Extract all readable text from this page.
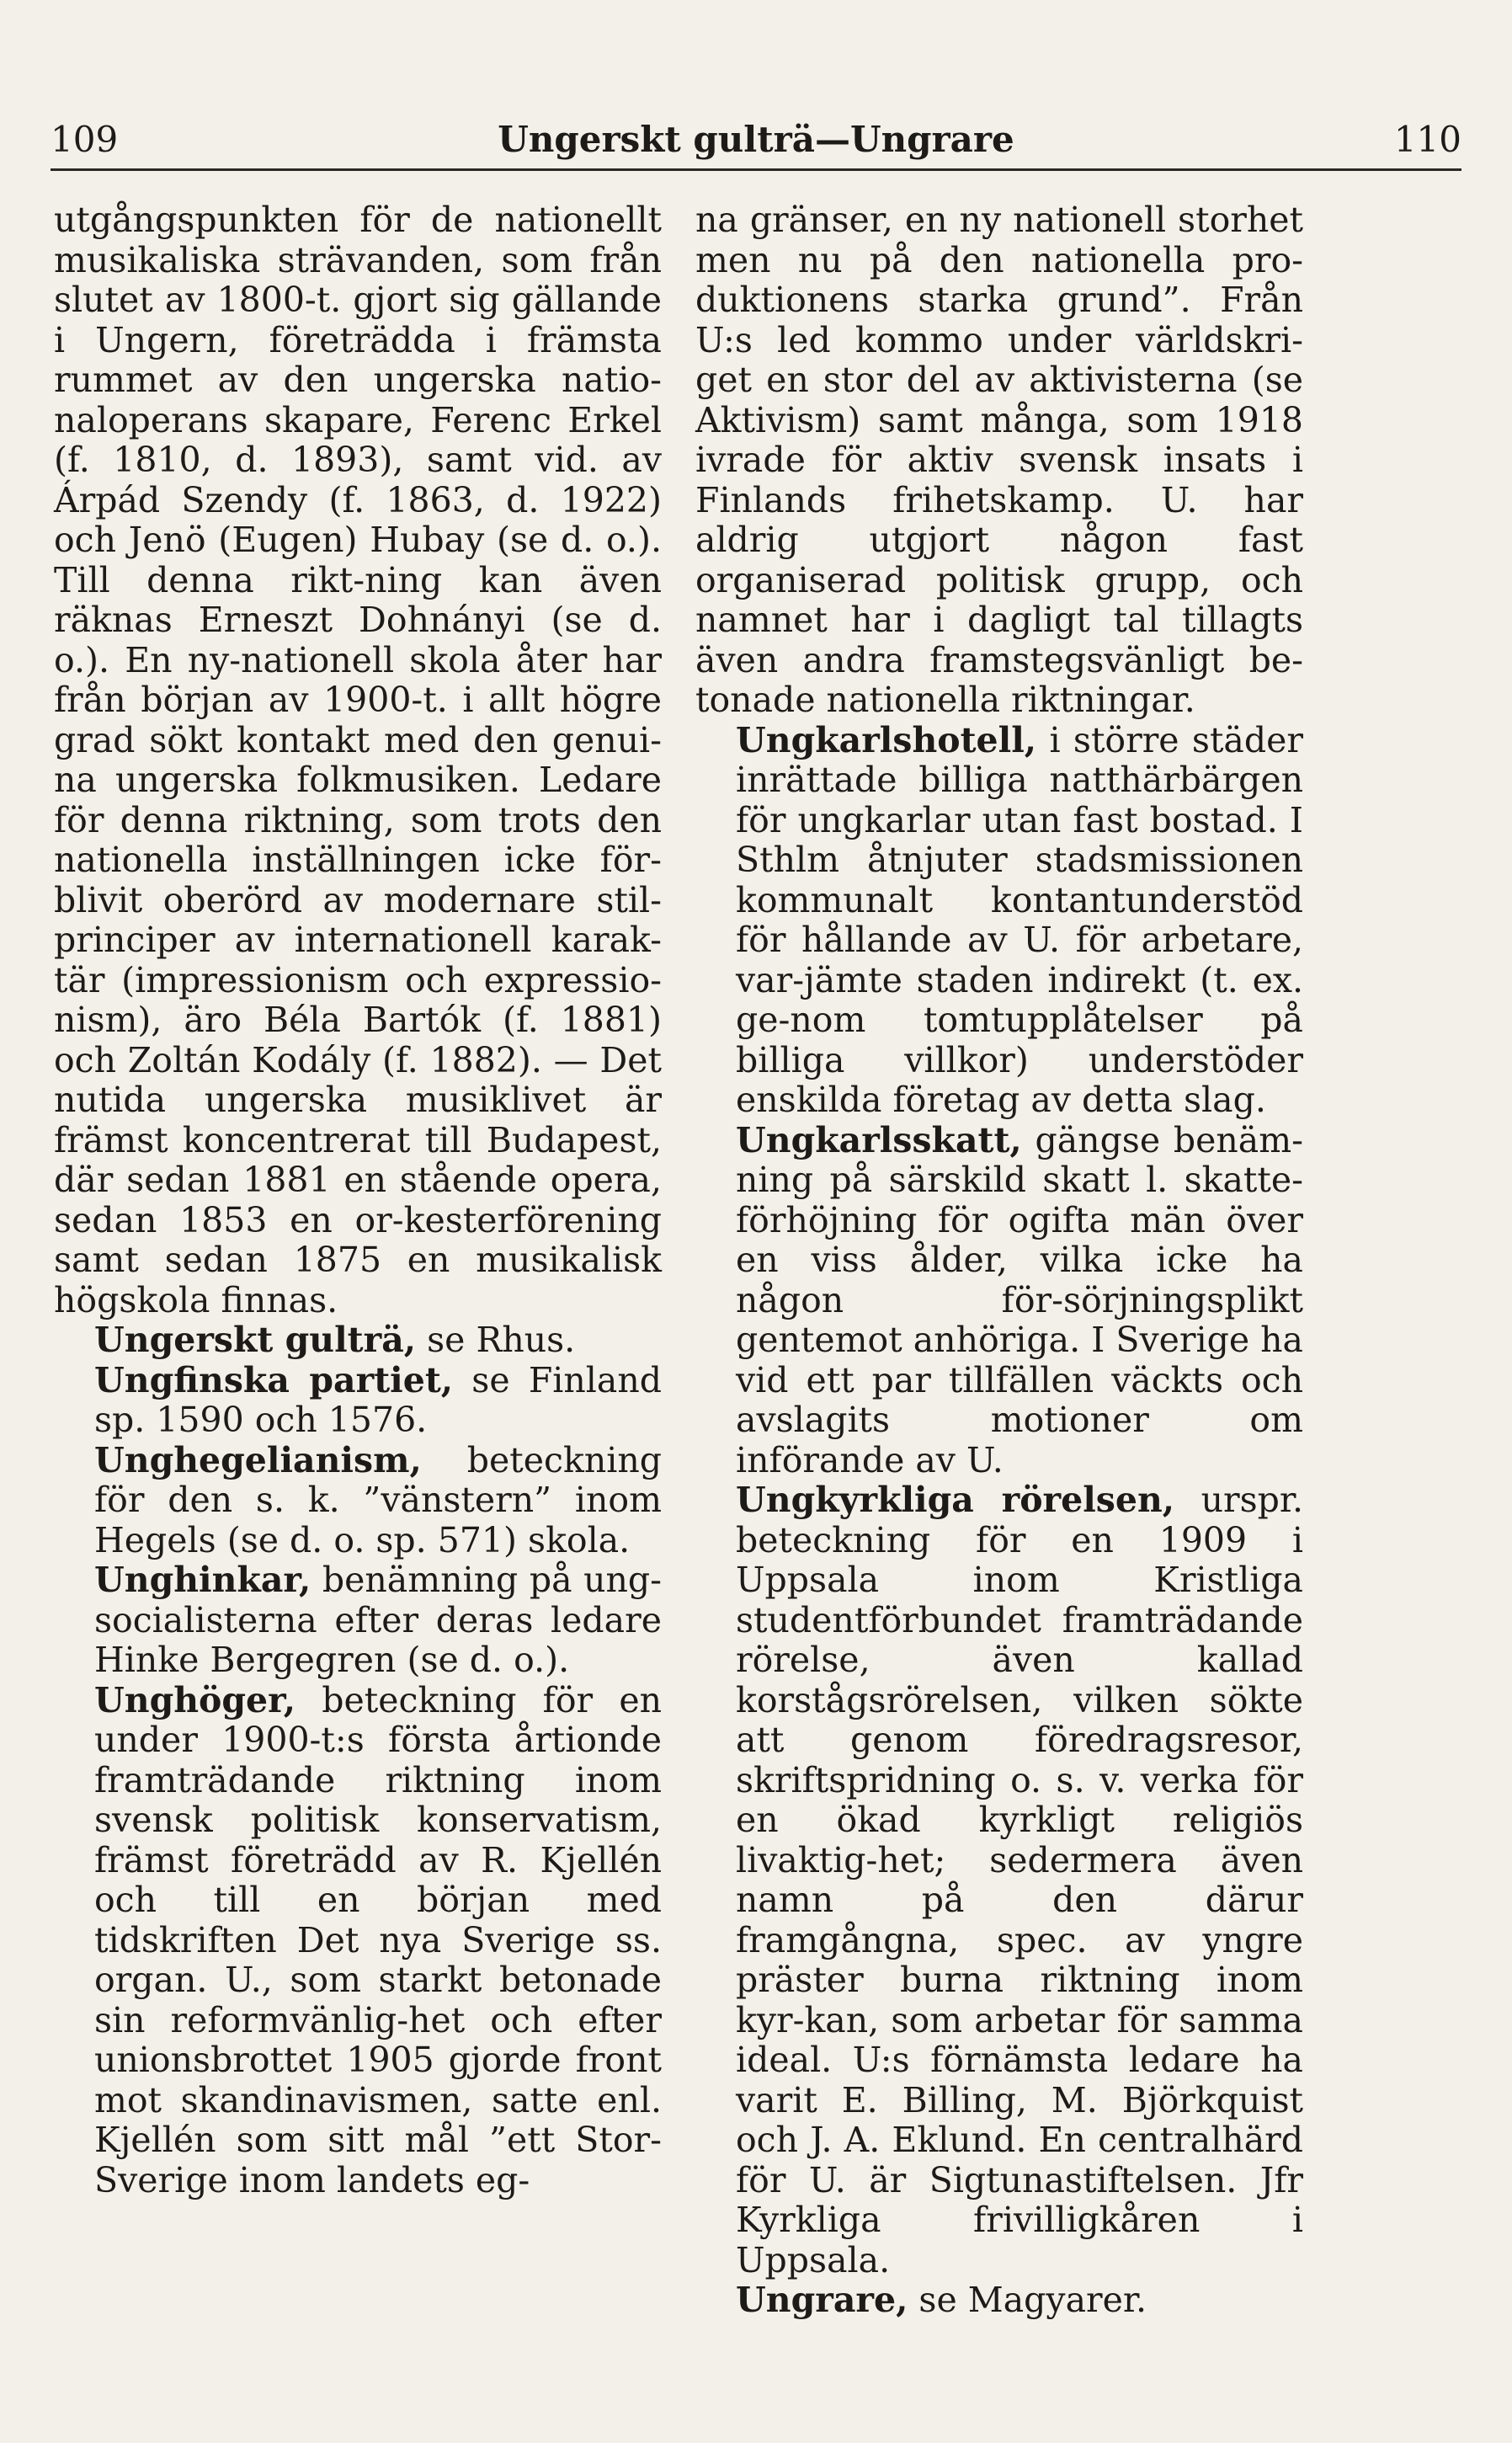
109	Ungerskt gulträ—Ungrare	110

utgångspunkten för de nationellt musikaliska strävanden, som från slutet av 1800-t. gjort sig gällande i Ungern, företrädda i främsta rummet av den ungerska natio-naloperans skapare, Ferenc Erkel (f. 1810, d. 1893), samt vid. av Árpád Szendy (f. 1863, d. 1922) och Jenö (Eugen) Hubay (se d. o.). Till denna rikt-ning kan även räknas Erneszt Dohnányi (se d. o.). En ny-nationell skola åter har från början av 1900-t. i allt högre grad sökt kontakt med den genui-na ungerska folkmusiken. Ledare för denna riktning, som trots den nationella inställningen icke för-blivit oberörd av modernare stil-principer av internationell karak-tär (impressionism och expressio-nism), äro Béla Bartók (f. 1881) och Zoltán Kodály (f. 1882). — Det nutida ungerska musiklivet är främst koncentrerat till Budapest, där sedan 1881 en stående opera, sedan 1853 en or-kesterförening samt sedan 1875 en musikalisk högskola finnas.

Ungerskt gulträ, se Rhus.

Ungfinska partiet, se Finland sp. 1590 och 1576.

Unghegelianism, beteckning för den s. k. ”vänstern” inom Hegels (se d. o. sp. 571) skola.

Unghinkar, benämning på ung-socialisterna efter deras ledare Hinke Bergegren (se d. o.).

Unghöger, beteckning för en under 1900-t:s första årtionde framträdande riktning inom svensk politisk konservatism, främst företrädd av R. Kjellén och till en början med tidskriften Det nya Sverige ss. organ. U., som starkt betonade sin reformvänlig-het och efter unionsbrottet 1905 gjorde front mot skandinavismen, satte enl. Kjellén som sitt mål ”ett Stor-Sverige inom landets eg-

na gränser, en ny nationell storhet men nu på den nationella pro-duktionens starka grund”. Från U:s led kommo under världskri-get en stor del av aktivisterna (se Aktivism) samt många, som 1918 ivrade för aktiv svensk insats i Finlands frihetskamp. U. har aldrig utgjort någon fast organiserad politisk grupp, och namnet har i dagligt tal tillagts även andra framstegsvänligt be-tonade nationella riktningar.

Ungkarlshotell, i större städer inrättade billiga natthärbärgen för ungkarlar utan fast bostad. I Sthlm åtnjuter stadsmissionen kommunalt kontantunderstöd för hållande av U. för arbetare, var-jämte staden indirekt (t. ex. ge-nom tomtupplåtelser på billiga villkor) understöder enskilda företag av detta slag.

Ungkarlsskatt, gängse benäm-ning på särskild skatt l. skatte-förhöjning för ogifta män över en viss ålder, vilka icke ha någon för-sörjningsplikt gentemot anhöriga. I Sverige ha vid ett par tillfällen väckts och avslagits motioner om införande av U.

Ungkyrkliga rörelsen, urspr. beteckning för en 1909 i Uppsala inom Kristliga studentförbundet framträdande rörelse, även kallad korstågsrörelsen, vilken sökte att genom föredragsresor, skriftspridning o. s. v. verka för en ökad kyrkligt religiös livaktig-het; sedermera även namn på den därur framgångna, spec. av yngre präster burna riktning inom kyr-kan, som arbetar för samma ideal. U:s förnämsta ledare ha varit E. Billing, M. Björkquist och J. A. Eklund. En centralhärd för U. är Sigtunastiftelsen. Jfr Kyrkliga frivilligkåren i Uppsala.

Ungrare, se Magyarer.
